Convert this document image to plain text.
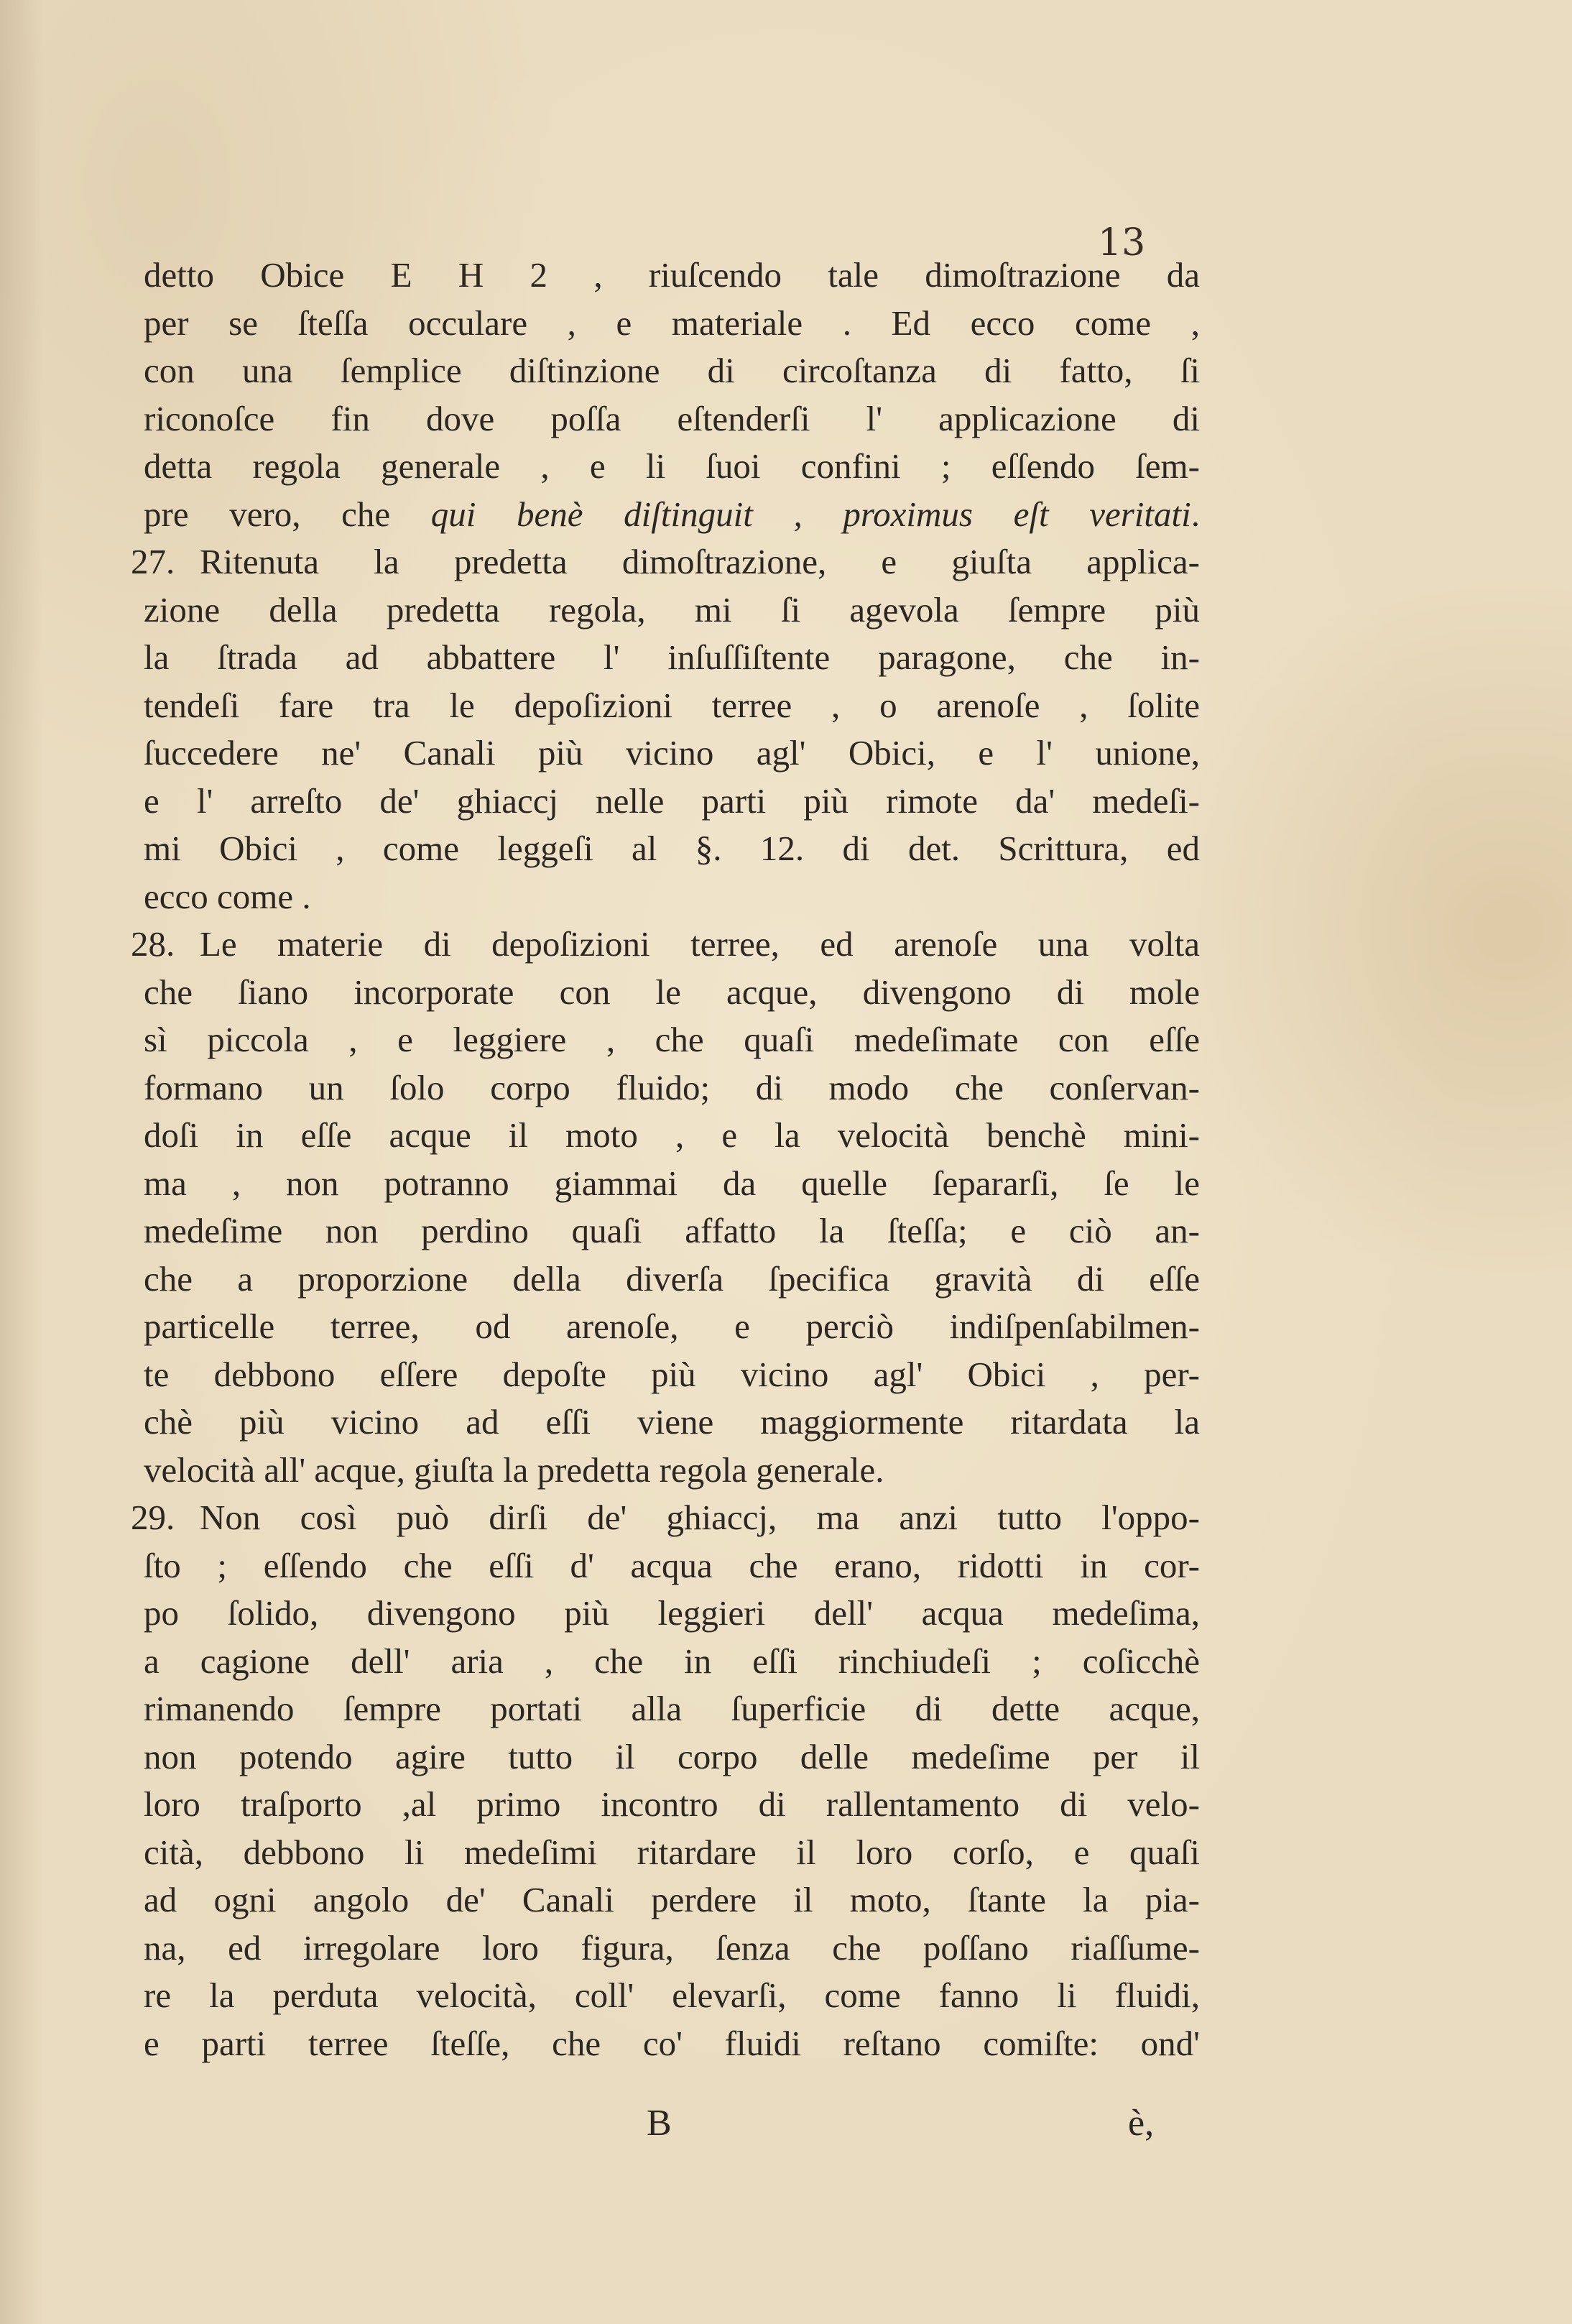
13
detto Obice E H 2 , riuſcendo tale dimoſtrazione da
per se ſteſſa occulare , e materiale . Ed ecco come ,
con una ſemplice diſtinzione di circoſtanza di fatto, ſi
riconoſce fin dove poſſa eſtenderſi l' applicazione di
detta regola generale , e li ſuoi confini ; eſſendo ſem-
pre vero, che qui benè diſtinguit , proximus eſt veritati.
27. Ritenuta la predetta dimoſtrazione, e giuſta applica-
zione della predetta regola, mi ſi agevola ſempre più
la ſtrada ad abbattere l' inſuſſiſtente paragone, che in-
tendeſi fare tra le depoſizioni terree , o arenoſe , ſolite
ſuccedere ne' Canali più vicino agl' Obici, e l' unione,
e l' arreſto de' ghiaccj nelle parti più rimote da' medeſi-
mi Obici , come leggeſi al §. 12. di det. Scrittura, ed
ecco come .
28. Le materie di depoſizioni terree, ed arenoſe una volta
che ſiano incorporate con le acque, divengono di mole
sì piccola , e leggiere , che quaſi medeſimate con eſſe
formano un ſolo corpo fluido; di modo che conſervan-
doſi in eſſe acque il moto , e la velocità benchè mini-
ma , non potranno giammai da quelle ſepararſi, ſe le
medeſime non perdino quaſi affatto la ſteſſa; e ciò an-
che a proporzione della diverſa ſpecifica gravità di eſſe
particelle terree, od arenoſe, e perciò indiſpenſabilmen-
te debbono eſſere depoſte più vicino agl' Obici , per-
chè più vicino ad eſſi viene maggiormente ritardata la
velocità all' acque, giuſta la predetta regola generale.
29. Non così può dirſi de' ghiaccj, ma anzi tutto l'oppo-
ſto ; eſſendo che eſſi d' acqua che erano, ridotti in cor-
po ſolido, divengono più leggieri dell' acqua medeſima,
a cagione dell' aria , che in eſſi rinchiudeſi ; coſicchè
rimanendo ſempre portati alla ſuperficie di dette acque,
non potendo agire tutto il corpo delle medeſime per il
loro traſporto ,al primo incontro di rallentamento di velo-
cità, debbono li medeſimi ritardare il loro corſo, e quaſi
ad ogni angolo de' Canali perdere il moto, ſtante la pia-
na, ed irregolare loro figura, ſenza che poſſano riaſſume-
re la perduta velocità, coll' elevarſi, come fanno li fluidi,
e parti terree ſteſſe, che co' fluidi reſtano comiſte: ond'
B	è,
